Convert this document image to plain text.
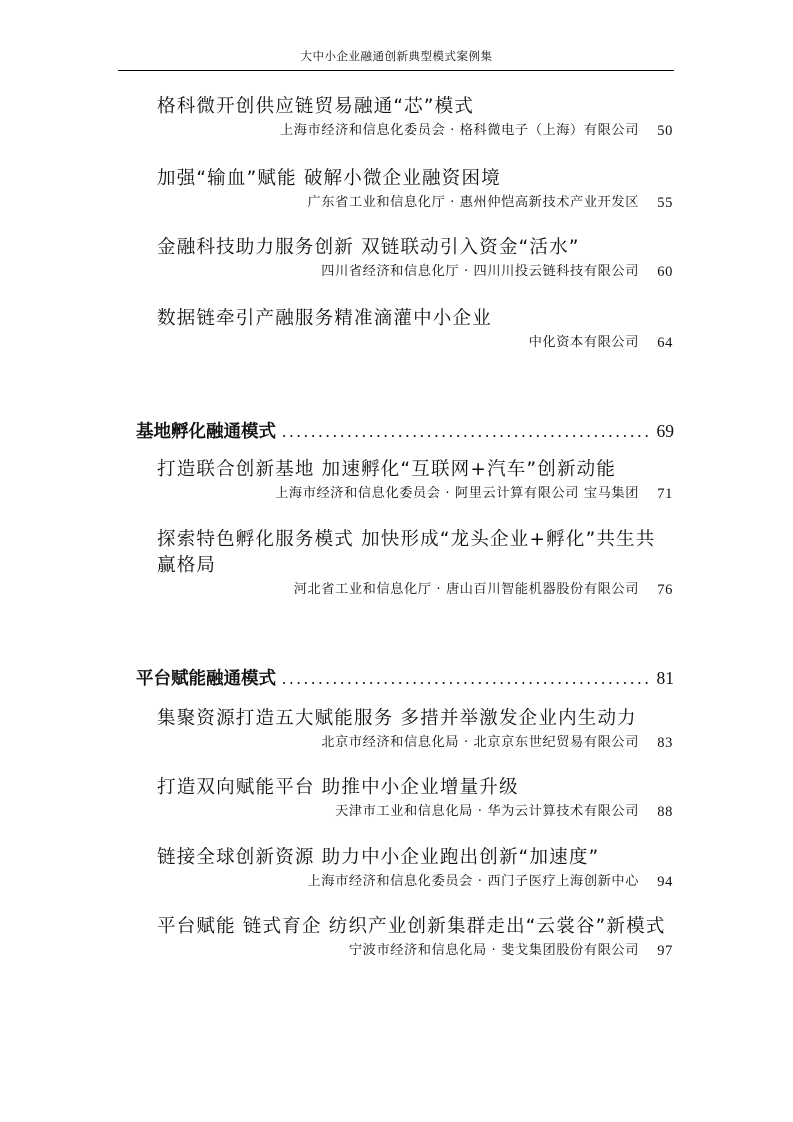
大中小企业融通创新典型模式案例集
格科微开创供应链贸易融通“芯”模式
上海市经济和信息化委员会 · 格科微电子（上海）有限公司	50
加强“输血”赋能 破解小微企业融资困境
广东省工业和信息化厅 · 惠州仲恺高新技术产业开发区	55
金融科技助力服务创新 双链联动引入资金“活水”
四川省经济和信息化厅 · 四川川投云链科技有限公司	60
数据链牵引产融服务精准滴灌中小企业
中化资本有限公司	64
基地孵化融通模式 .....	69
打造联合创新基地 加速孵化“互联网+汽车”创新动能
上海市经济和信息化委员会 · 阿里云计算有限公司 宝马集团	71
探索特色孵化服务模式 加快形成“龙头企业+孵化”共生共赢格局
河北省工业和信息化厅 · 唐山百川智能机器股份有限公司	76
平台赋能融通模式 .....	81
集聚资源打造五大赋能服务 多措并举激发企业内生动力
北京市经济和信息化局 · 北京京东世纪贸易有限公司	83
打造双向赋能平台 助推中小企业增量升级
天津市工业和信息化局 · 华为云计算技术有限公司	88
链接全球创新资源 助力中小企业跑出创新“加速度”
上海市经济和信息化委员会 · 西门子医疗上海创新中心	94
平台赋能 链式育企 纺织产业创新集群走出“云裳谷”新模式
宁波市经济和信息化局 · 斐戈集团股份有限公司	97
